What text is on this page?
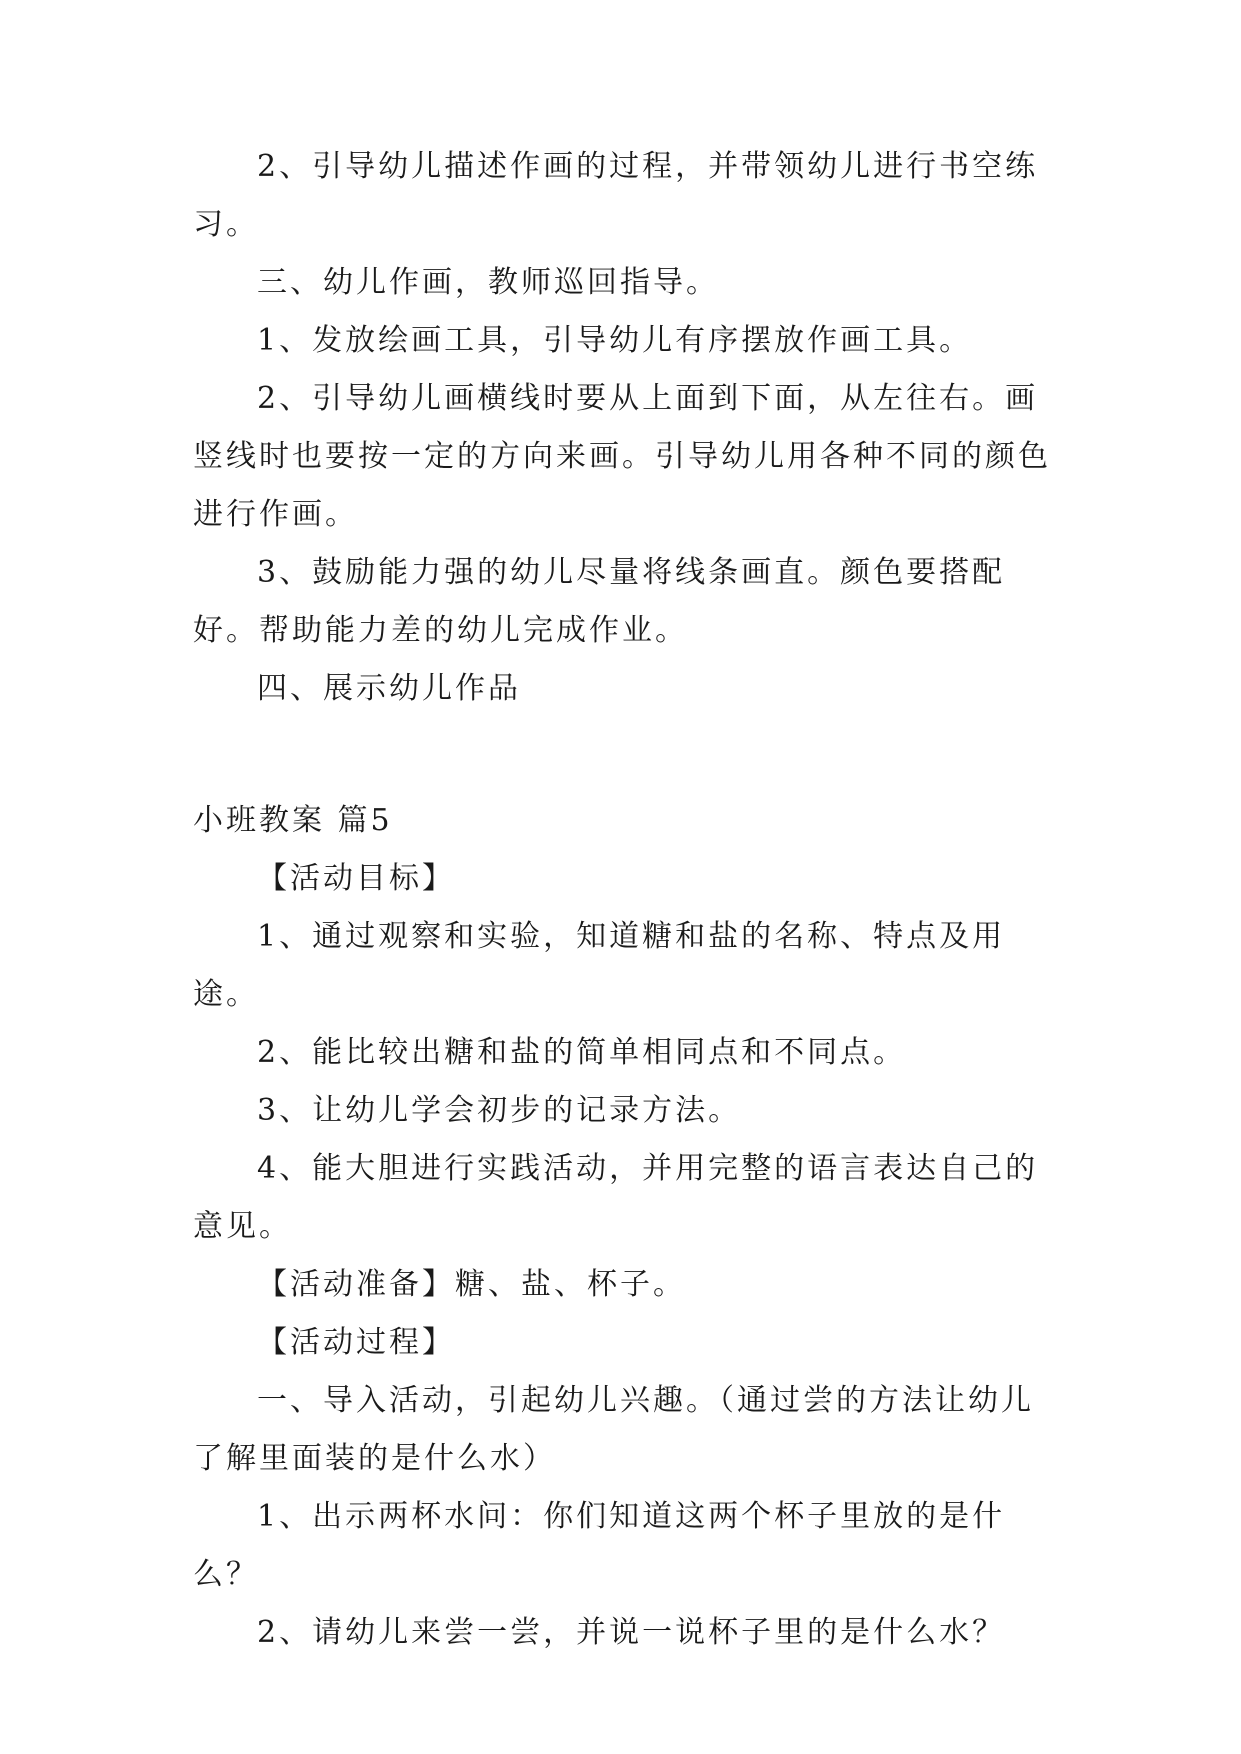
2、引导幼儿描述作画的过程，并带领幼儿进行书空练习。

三、幼儿作画，教师巡回指导。

1、发放绘画工具，引导幼儿有序摆放作画工具。

2、引导幼儿画横线时要从上面到下面，从左往右。画竖线时也要按一定的方向来画。引导幼儿用各种不同的颜色进行作画。

3、鼓励能力强的幼儿尽量将线条画直。颜色要搭配好。帮助能力差的幼儿完成作业。

四、展示幼儿作品

小班教案 篇5

【活动目标】

1、通过观察和实验，知道糖和盐的名称、特点及用途。

2、能比较出糖和盐的简单相同点和不同点。

3、让幼儿学会初步的记录方法。

4、能大胆进行实践活动，并用完整的语言表达自己的意见。

【活动准备】糖、盐、杯子。

【活动过程】

一、导入活动，引起幼儿兴趣。（通过尝的方法让幼儿了解里面装的是什么水）

1、出示两杯水问：你们知道这两个杯子里放的是什么？

2、请幼儿来尝一尝，并说一说杯子里的是什么水？
